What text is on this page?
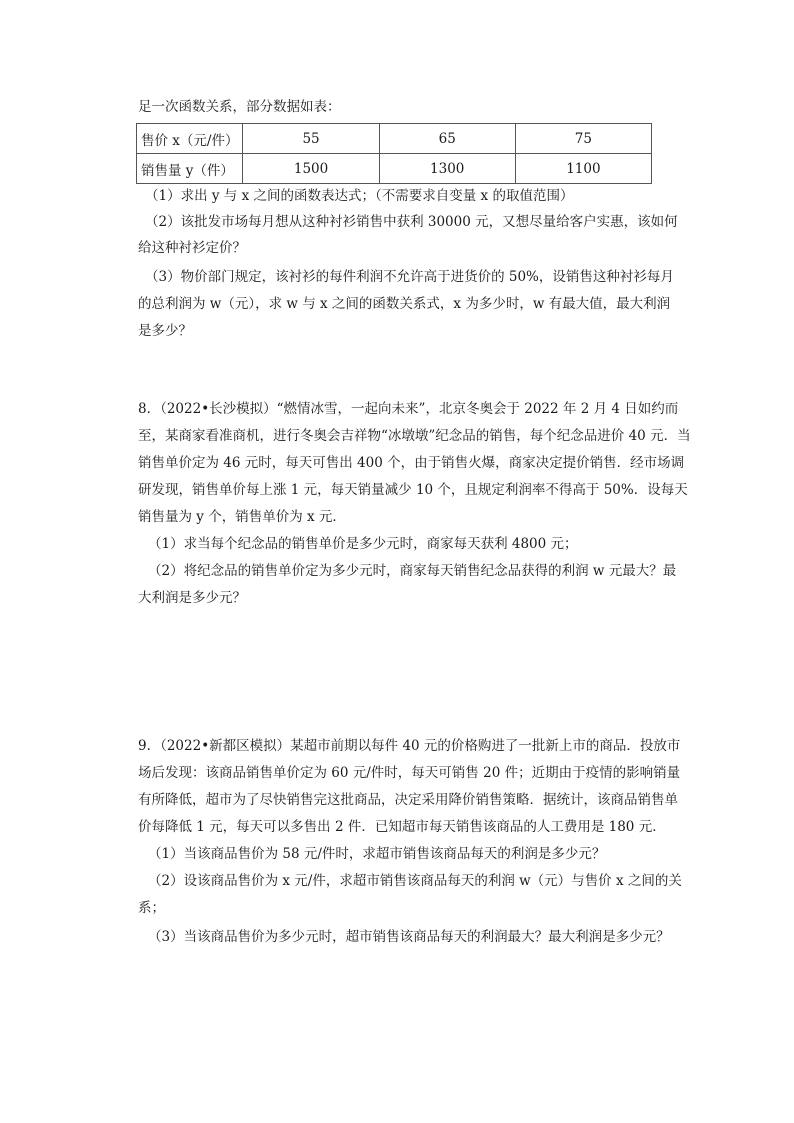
足一次函数关系，部分数据如表：
售价 x（元/件）	55	65	75
销售量 y（件）	1500	1300	1100
（1）求出 y 与 x 之间的函数表达式；（不需要求自变量 x 的取值范围）
（2）该批发市场每月想从这种衬衫销售中获利 30000 元，又想尽量给客户实惠，该如何
给这种衬衫定价？
（3）物价部门规定，该衬衫的每件利润不允许高于进货价的 50%，设销售这种衬衫每月
的总利润为 w（元），求 w 与 x 之间的函数关系式，x 为多少时，w 有最大值，最大利润
是多少？
8．（2022•长沙模拟）“燃情冰雪，一起向未来”，北京冬奥会于 2022 年 2 月 4 日如约而
至，某商家看准商机，进行冬奥会吉祥物“冰墩墩”纪念品的销售，每个纪念品进价 40 元．当
销售单价定为 46 元时，每天可售出 400 个，由于销售火爆，商家决定提价销售．经市场调
研发现，销售单价每上涨 1 元，每天销量减少 10 个，且规定利润率不得高于 50%．设每天
销售量为 y 个，销售单价为 x 元．
（1）求当每个纪念品的销售单价是多少元时，商家每天获利 4800 元；
（2）将纪念品的销售单价定为多少元时，商家每天销售纪念品获得的利润 w 元最大？最
大利润是多少元？
9．（2022•新都区模拟）某超市前期以每件 40 元的价格购进了一批新上市的商品．投放市
场后发现：该商品销售单价定为 60 元/件时，每天可销售 20 件；近期由于疫情的影响销量
有所降低，超市为了尽快销售完这批商品，决定采用降价销售策略．据统计，该商品销售单
价每降低 1 元，每天可以多售出 2 件．已知超市每天销售该商品的人工费用是 180 元．
（1）当该商品售价为 58 元/件时，求超市销售该商品每天的利润是多少元？
（2）设该商品售价为 x 元/件，求超市销售该商品每天的利润 w（元）与售价 x 之间的关
系；
（3）当该商品售价为多少元时，超市销售该商品每天的利润最大？最大利润是多少元？
